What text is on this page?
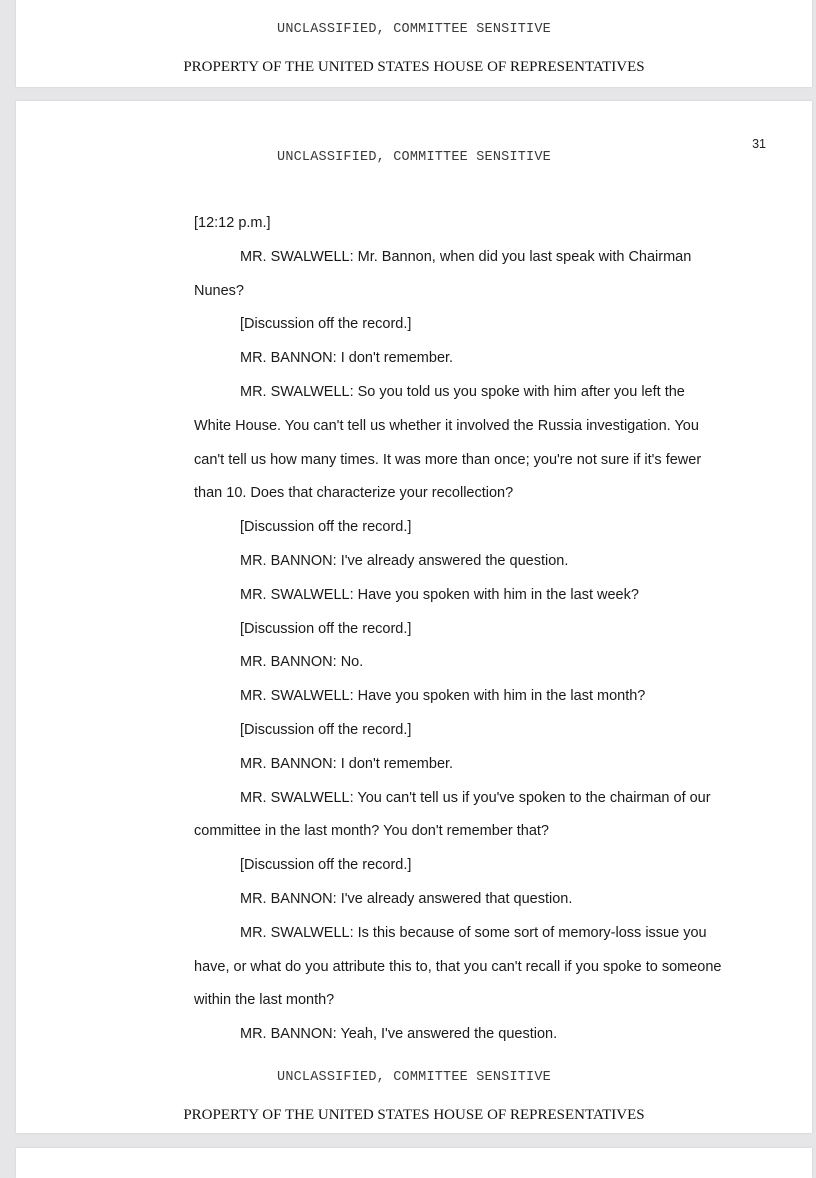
UNCLASSIFIED, COMMITTEE SENSITIVE
PROPERTY OF THE UNITED STATES HOUSE OF REPRESENTATIVES
31
UNCLASSIFIED, COMMITTEE SENSITIVE
[12:12 p.m.]
MR. SWALWELL: Mr. Bannon, when did you last speak with Chairman
Nunes?
[Discussion off the record.]
MR. BANNON: I don't remember.
MR. SWALWELL: So you told us you spoke with him after you left the
White House. You can't tell us whether it involved the Russia investigation. You
can't tell us how many times. It was more than once; you're not sure if it's fewer
than 10. Does that characterize your recollection?
[Discussion off the record.]
MR. BANNON: I've already answered the question.
MR. SWALWELL: Have you spoken with him in the last week?
[Discussion off the record.]
MR. BANNON: No.
MR. SWALWELL: Have you spoken with him in the last month?
[Discussion off the record.]
MR. BANNON: I don't remember.
MR. SWALWELL: You can't tell us if you've spoken to the chairman of our
committee in the last month? You don't remember that?
[Discussion off the record.]
MR. BANNON: I've already answered that question.
MR. SWALWELL: Is this because of some sort of memory-loss issue you
have, or what do you attribute this to, that you can't recall if you spoke to someone
within the last month?
MR. BANNON: Yeah, I've answered the question.
UNCLASSIFIED, COMMITTEE SENSITIVE
PROPERTY OF THE UNITED STATES HOUSE OF REPRESENTATIVES
